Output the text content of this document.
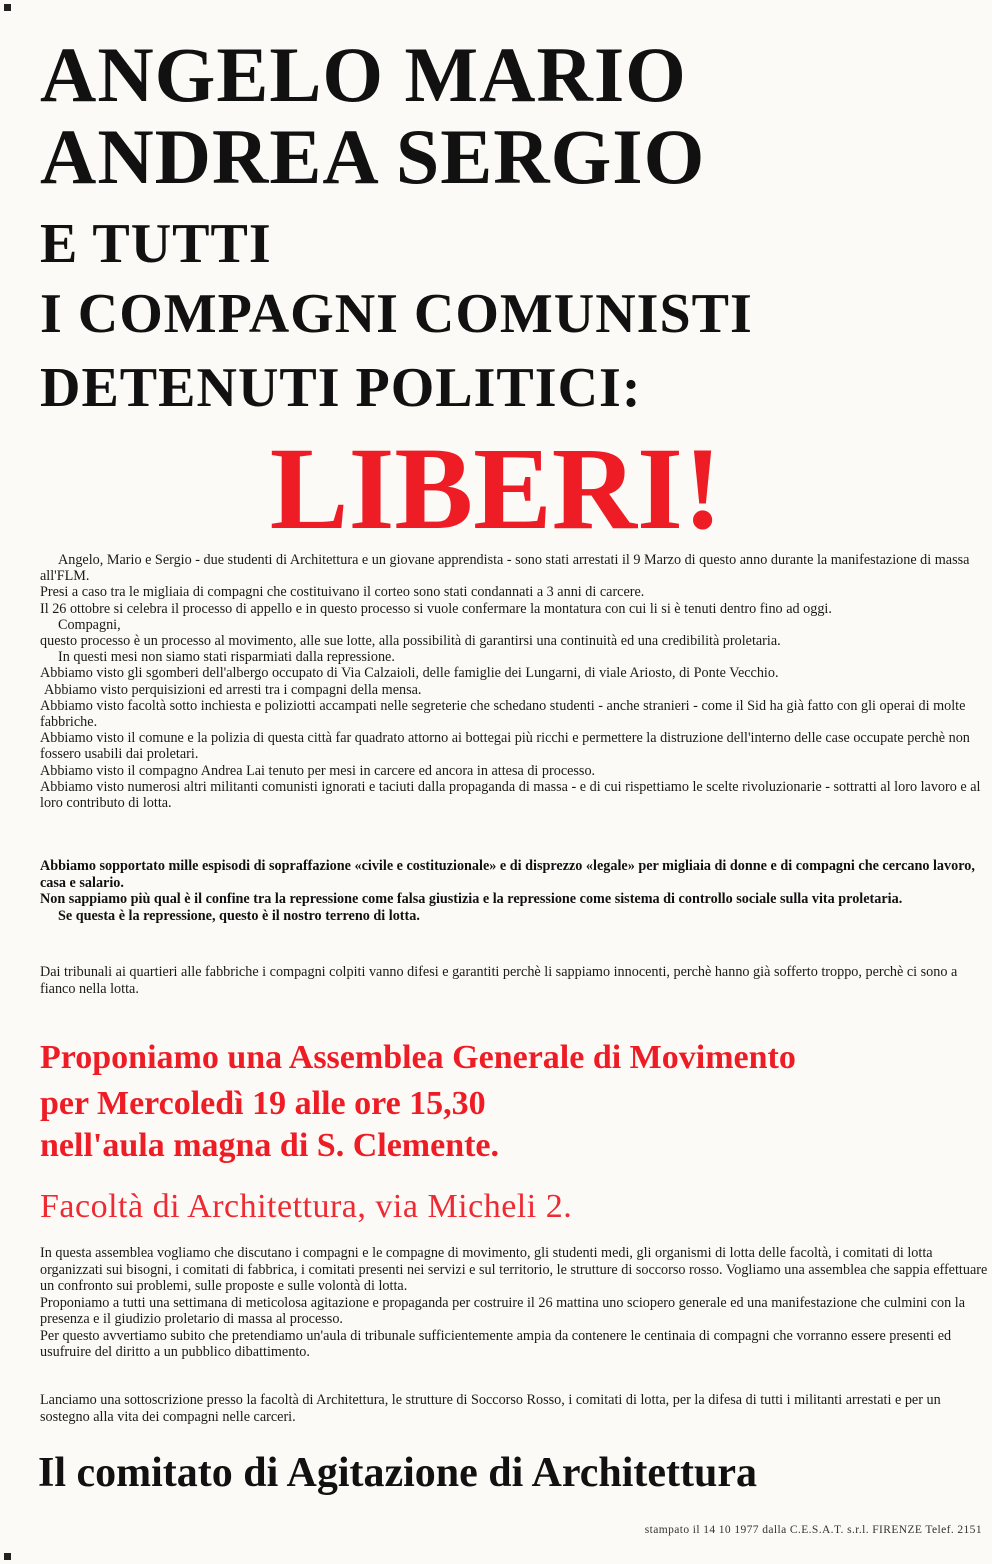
ANGELO MARIO
ANDREA SERGIO
E TUTTI
I COMPAGNI COMUNISTI
DETENUTI POLITICI:
LIBERI!

Angelo, Mario e Sergio - due studenti di Architettura e un giovane apprendista - sono stati arrestati il 9 Marzo di questo anno durante la manifestazione di massa all'FLM.

Presi a caso tra le migliaia di compagni che costituivano il corteo sono stati condannati a 3 anni di carcere.

Il 26 ottobre si celebra il processo di appello e in questo processo si vuole confermare la montatura con cui li si è tenuti dentro fino ad oggi.

Compagni,

questo processo è un processo al movimento, alle sue lotte, alla possibilità di garantirsi una continuità ed una credibilità proletaria.

In questi mesi non siamo stati risparmiati dalla repressione.

Abbiamo visto gli sgomberi dell'albergo occupato di Via Calzaioli, delle famiglie dei Lungarni, di viale Ariosto, di Ponte Vecchio.

Abbiamo visto perquisizioni ed arresti tra i compagni della mensa.

Abbiamo visto facoltà sotto inchiesta e poliziotti accampati nelle segreterie che schedano studenti - anche stranieri - come il Sid ha già fatto con gli operai di molte fabbriche.

Abbiamo visto il comune e la polizia di questa città far quadrato attorno ai bottegai più ricchi e permettere la distruzione dell'interno delle case occupate perchè non fossero usabili dai proletari.

Abbiamo visto il compagno Andrea Lai tenuto per mesi in carcere ed ancora in attesa di processo.

Abbiamo visto numerosi altri militanti comunisti ignorati e taciuti dalla propaganda di massa - e di cui rispettiamo le scelte rivoluzionarie - sottratti al loro lavoro e al loro contributo di lotta.

Abbiamo sopportato mille espisodi di sopraffazione «civile e costituzionale» e di disprezzo «legale» per migliaia di donne e di compagni che cercano lavoro, casa e salario.

Non sappiamo più qual è il confine tra la repressione come falsa giustizia e la repressione come sistema di controllo sociale sulla vita proletaria.

Se questa è la repressione, questo è il nostro terreno di lotta.

Dai tribunali ai quartieri alle fabbriche i compagni colpiti vanno difesi e garantiti perchè li sappiamo innocenti, perchè hanno già sofferto troppo, perchè ci sono a fianco nella lotta.

Proponiamo una Assemblea Generale di Movimento
per Mercoledì 19 alle ore 15,30
nell'aula magna di S. Clemente.
Facoltà di Architettura, via Micheli 2.

In questa assemblea vogliamo che discutano i compagni e le compagne di movimento, gli studenti medi, gli organismi di lotta delle facoltà, i comitati di lotta organizzati sui bisogni, i comitati di fabbrica, i comitati presenti nei servizi e sul territorio, le strutture di soccorso rosso. Vogliamo una assemblea che sappia effettuare un confronto sui problemi, sulle proposte e sulle volontà di lotta.

Proponiamo a tutti una settimana di meticolosa agitazione e propaganda per costruire il 26 mattina uno sciopero generale ed una manifestazione che culmini con la presenza e il giudizio proletario di massa al processo.

Per questo avvertiamo subito che pretendiamo un'aula di tribunale sufficientemente ampia da contenere le centinaia di compagni che vorranno essere presenti ed usufruire del diritto a un pubblico dibattimento.

Lanciamo una sottoscrizione presso la facoltà di Architettura, le strutture di Soccorso Rosso, i comitati di lotta, per la difesa di tutti i militanti arrestati e per un sostegno alla vita dei compagni nelle carceri.

Il comitato di Agitazione di Architettura
stampato il 14 10 1977 dalla C.E.S.A.T. s.r.l. FIRENZE Telef. 2151
